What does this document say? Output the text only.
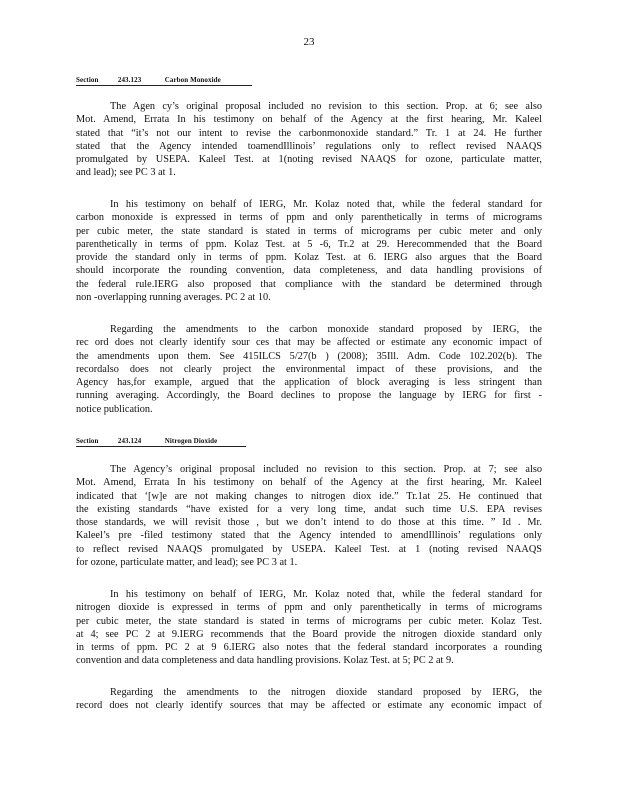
23
Section	243.123	Carbon Monoxide
The Agen cy’s original proposal included no revision to this section. Prop. at 6; see also
Mot. Amend, Errata In his testimony on behalf of the Agency at the first hearing, Mr. Kaleel
stated that “it’s not our intent to revise the carbonmonoxide standard.” Tr. 1 at 24. He further
stated that the Agency intended toamendIllinois’ regulations only to reflect revised NAAQS
promulgated by USEPA. Kaleel Test. at 1(noting revised NAAQS for ozone, particulate matter,
and lead); see PC 3 at 1.
In his testimony on behalf of IERG, Mr. Kolaz noted that, while the federal standard for
carbon monoxide is expressed in terms of ppm and only parenthetically in terms of micrograms
per cubic meter, the state standard is stated in terms of micrograms per cubic meter and only
parenthetically in terms of ppm. Kolaz Test. at 5 -6, Tr.2 at 29. Herecommended that the Board
provide the standard only in terms of ppm. Kolaz Test. at 6. IERG also argues that the Board
should incorporate the rounding convention, data completeness, and data handling provisions of
the federal rule.IERG also proposed that compliance with the standard be determined through
non -overlapping running averages. PC 2 at 10.
Regarding the amendments to the carbon monoxide standard proposed by IERG, the
rec ord does not clearly identify sour ces that may be affected or estimate any economic impact of
the amendments upon them. See 415ILCS 5/27(b ) (2008); 35Ill. Adm. Code 102.202(b). The
recordalso does not clearly project the environmental impact of these provisions, and the
Agency has,for example, argued that the application of block averaging is less stringent than
running averaging. Accordingly, the Board declines to propose the language by IERG for first -
notice publication.
Section	243.124	Nitrogen Dioxide
The Agency’s original proposal included no revision to this section. Prop. at 7; see also
Mot. Amend, Errata In his testimony on behalf of the Agency at the first hearing, Mr. Kaleel
indicated that ‘[w]e are not making changes to nitrogen diox ide.” Tr.1at 25. He continued that
the existing standards “have existed for a very long time, andat such time U.S. EPA revises
those standards, we will revisit those , but we don’t intend to do those at this time. ” Id . Mr.
Kaleel’s pre -filed testimony stated that the Agency intended to amendIllinois’ regulations only
to reflect revised NAAQS promulgated by USEPA. Kaleel Test. at 1 (noting revised NAAQS
for ozone, particulate matter, and lead); see PC 3 at 1.
In his testimony on behalf of IERG, Mr. Kolaz noted that, while the federal standard for
nitrogen dioxide is expressed in terms of ppm and only parenthetically in terms of micrograms
per cubic meter, the state standard is stated in terms of micrograms per cubic meter. Kolaz Test.
at 4; see PC 2 at 9.IERG recommends that the Board provide the nitrogen dioxide standard only
in terms of ppm. PC 2 at 9 6.IERG also notes that the federal standard incorporates a rounding
convention and data completeness and data handling provisions. Kolaz Test. at 5; PC 2 at 9.
Regarding the amendments to the nitrogen dioxide standard proposed by IERG, the
record does not clearly identify sources that may be affected or estimate any economic impact of
